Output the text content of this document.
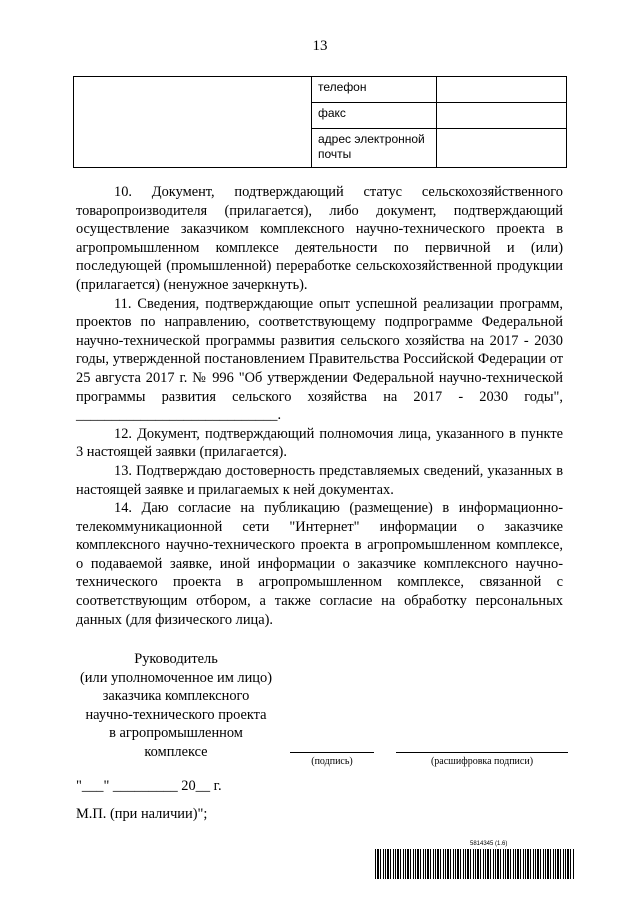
13
	телефон	
	факс	
	адрес электронной почты	

10. Документ, подтверждающий статус сельскохозяйственного товаропроизводителя (прилагается), либо документ, подтверждающий осуществление заказчиком комплексного научно-технического проекта в агропромышленном комплексе деятельности по первичной и (или) последующей (промышленной) переработке сельскохозяйственной продукции (прилагается) (ненужное зачеркнуть).

11. Сведения, подтверждающие опыт успешной реализации программ, проектов по направлению, соответствующему подпрограмме Федеральной научно-технической программы развития сельского хозяйства на 2017 - 2030 годы, утвержденной постановлением Правительства Российской Федерации от 25 августа 2017 г. № 996 "Об утверждении Федеральной научно-технической программы развития сельского хозяйства на 2017 - 2030 годы", ____________________________.

12. Документ, подтверждающий полномочия лица, указанного в пункте 3 настоящей заявки (прилагается).

13. Подтверждаю достоверность представляемых сведений, указанных в настоящей заявке и прилагаемых к ней документах.

14. Даю согласие на публикацию (размещение) в информационно-телекоммуникационной сети "Интернет" информации о заказчике комплексного научно-технического проекта в агропромышленном комплексе, о подаваемой заявке, иной информации о заказчике комплексного научно-технического проекта в агропромышленном комплексе, связанной с соответствующим отбором, а также согласие на обработку персональных данных (для физического лица).

Руководитель
(или уполномоченное им лицо)
заказчика комплексного
научно-технического проекта
в агропромышленном
комплексе
(подпись)	(расшифровка подписи)
"___" _________ 20__ г.
М.П. (при наличии)";
5814345 (1.6)
